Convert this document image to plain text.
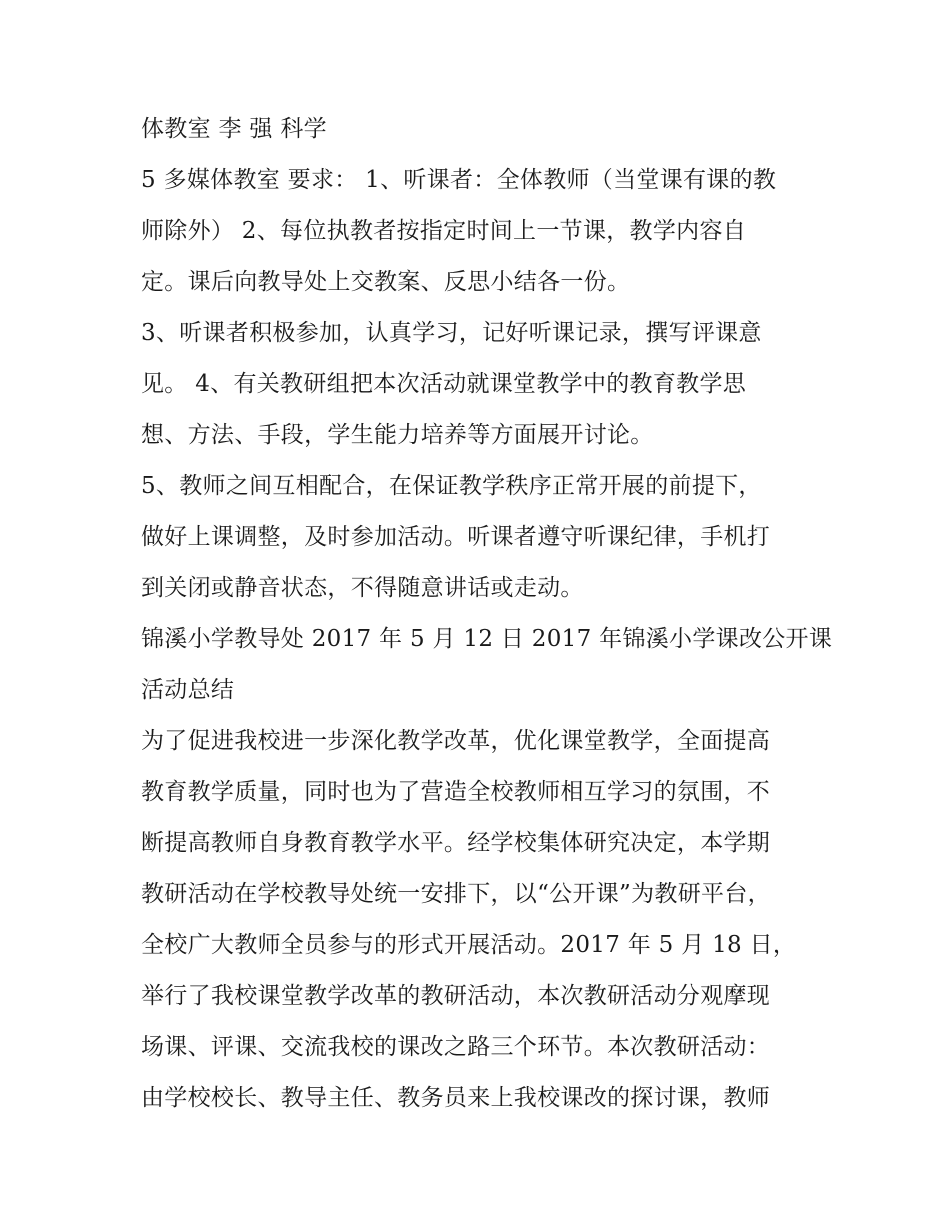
体教室 李 强 科学
5 多媒体教室 要求： 1、听课者：全体教师（当堂课有课的教
师除外） 2、每位执教者按指定时间上一节课，教学内容自
定。课后向教导处上交教案、反思小结各一份。
3、听课者积极参加，认真学习，记好听课记录，撰写评课意
见。 4、有关教研组把本次活动就课堂教学中的教育教学思
想、方法、手段，学生能力培养等方面展开讨论。
5、教师之间互相配合，在保证教学秩序正常开展的前提下，
做好上课调整，及时参加活动。听课者遵守听课纪律，手机打
到关闭或静音状态，不得随意讲话或走动。
锦溪小学教导处 2017 年 5 月 12 日 2017 年锦溪小学课改公开课
活动总结
为了促进我校进一步深化教学改革，优化课堂教学，全面提高
教育教学质量，同时也为了营造全校教师相互学习的氛围，不
断提高教师自身教育教学水平。经学校集体研究决定，本学期
教研活动在学校教导处统一安排下，以“公开课”为教研平台，
全校广大教师全员参与的形式开展活动。2017 年 5 月 18 日，
举行了我校课堂教学改革的教研活动，本次教研活动分观摩现
场课、评课、交流我校的课改之路三个环节。本次教研活动：
由学校校长、教导主任、教务员来上我校课改的探讨课，教师
